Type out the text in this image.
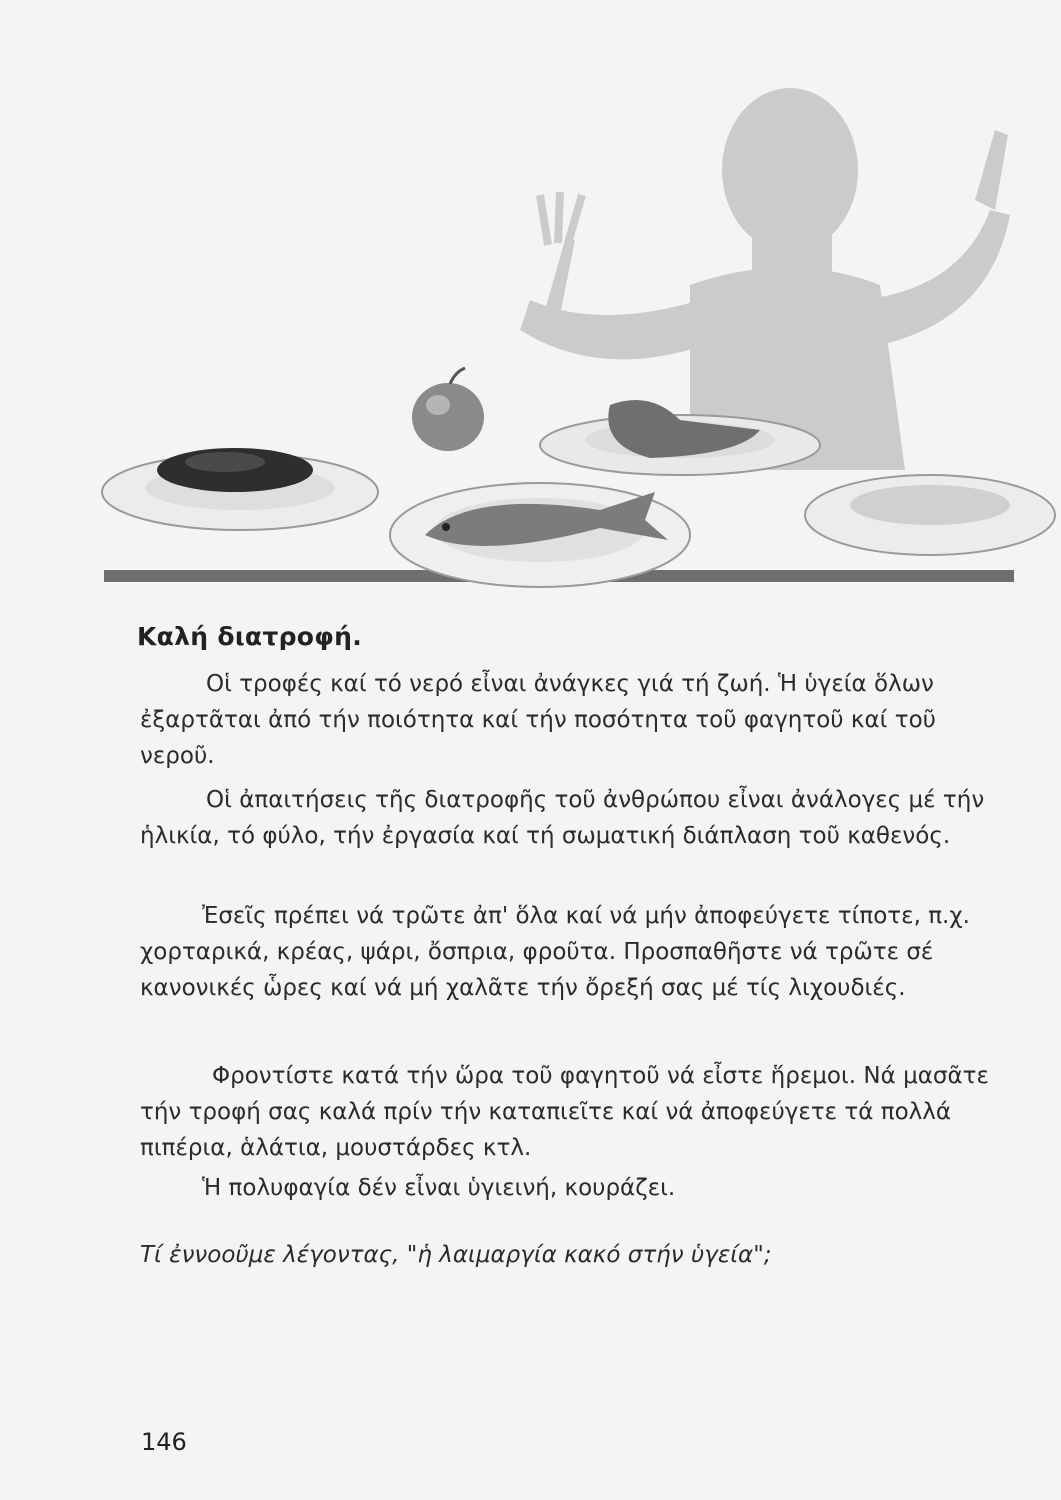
Καλή διατροφή.

Οἱ τροφές καί τό νερό εἶναι ἀνάγκες γιά τή ζωή. Ἡ ὑγεία ὅλων ἐξαρτᾶται ἀπό τήν ποιότητα καί τήν ποσότητα τοῦ φαγητοῦ καί τοῦ νεροῦ.

Οἱ ἀπαιτήσεις τῆς διατροφῆς τοῦ ἀνθρώπου εἶναι ἀνάλογες μέ τήν ἡλικία, τό φύλο, τήν ἐργασία καί τή σωματική διάπλαση τοῦ καθενός.

Ἐσεῖς πρέπει νά τρῶτε ἀπ' ὅλα καί νά μήν ἀποφεύγετε τίποτε, π.χ. χορταρικά, κρέας, ψάρι, ὄσπρια, φροῦτα. Προσπαθῆστε νά τρῶτε σέ κανονικές ὧρες καί νά μή χαλᾶτε τήν ὄρεξή σας μέ τίς λιχουδιές.

Φροντίστε κατά τήν ὥρα τοῦ φαγητοῦ νά εἶστε ἥρεμοι. Νά μασᾶτε τήν τροφή σας καλά πρίν τήν καταπιεῖτε καί νά ἀποφεύγετε τά πολλά πιπέρια, ἁλάτια, μουστάρδες κτλ.

Ἡ πολυφαγία δέν εἶναι ὑγιεινή, κουράζει.

Τί ἐννοοῦμε λέγοντας, "ἡ λαιμαργία κακό στήν ὑγεία";
146
